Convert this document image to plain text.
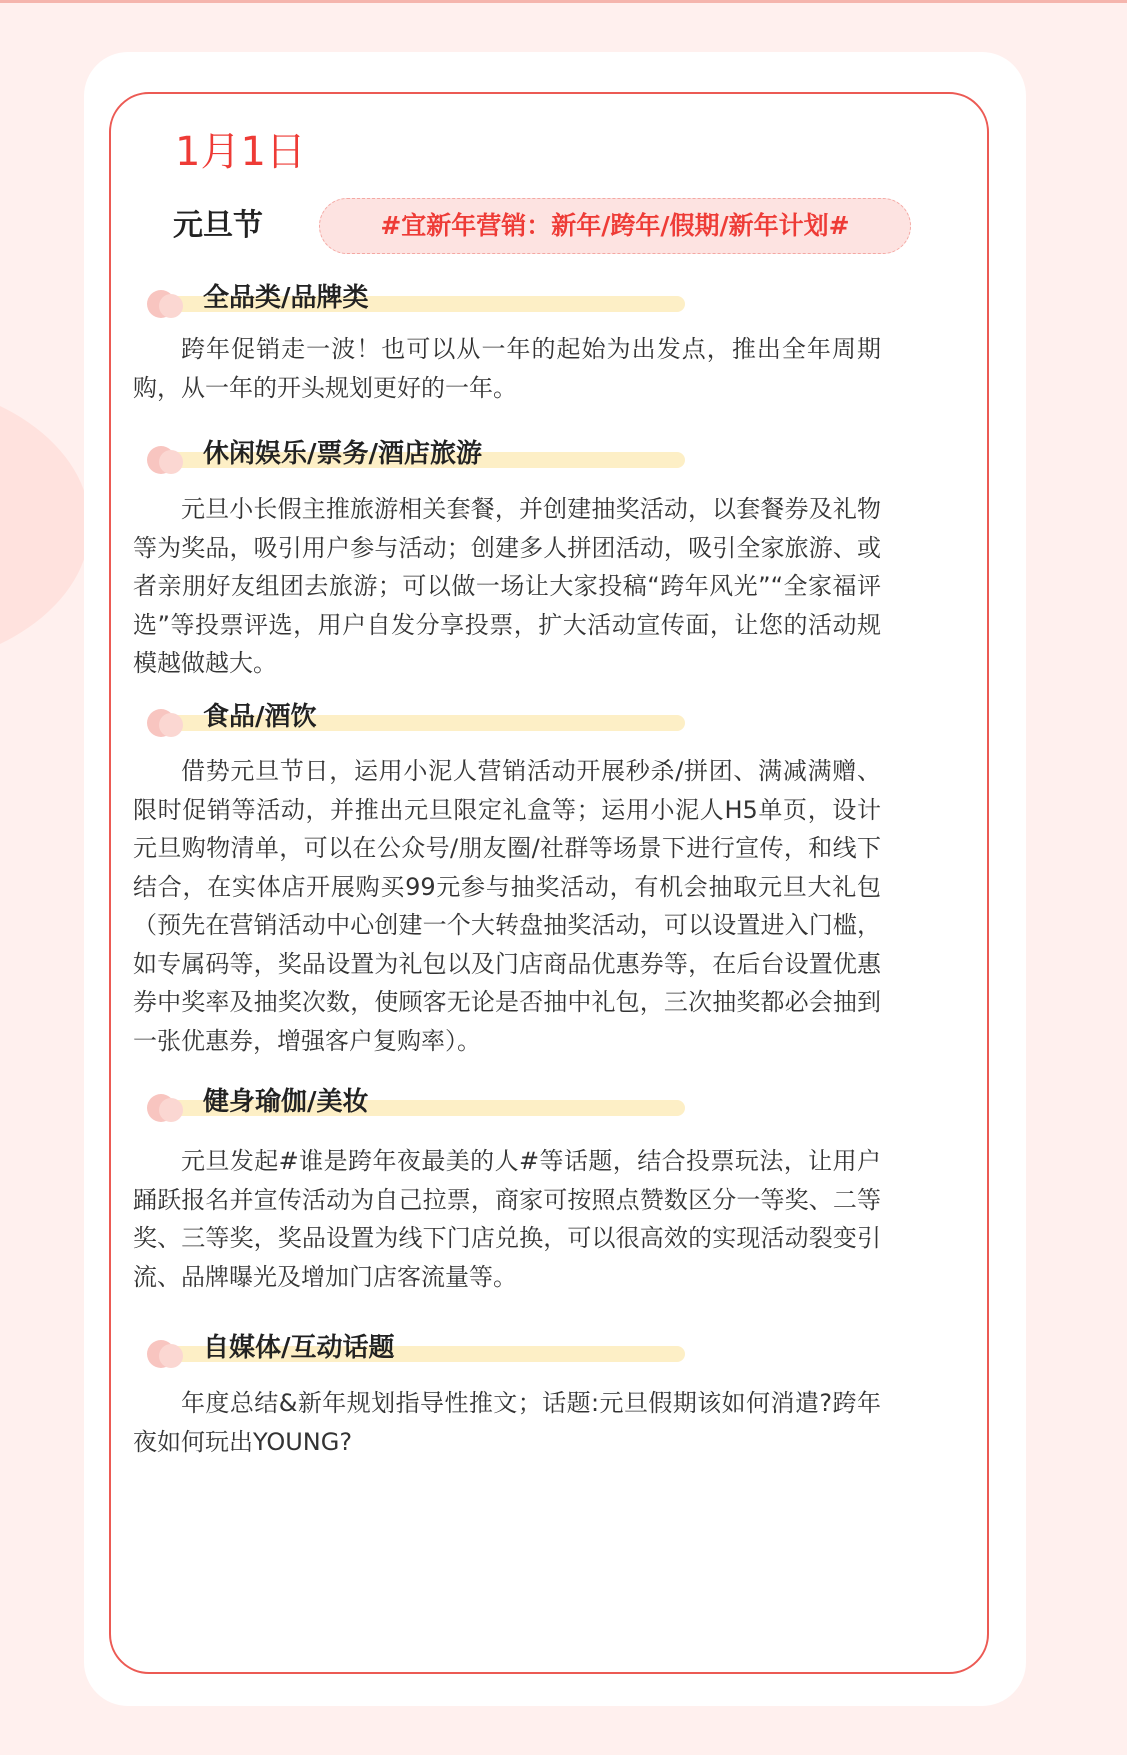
1月1日
元旦节	#宜新年营销：新年/跨年/假期/新年计划#
全品类/品牌类

跨年促销走一波！也可以从一年的起始为出发点，推出全年周期购，从一年的开头规划更好的一年。

休闲娱乐/票务/酒店旅游

元旦小长假主推旅游相关套餐，并创建抽奖活动，以套餐券及礼物等为奖品，吸引用户参与活动；创建多人拼团活动，吸引全家旅游、或者亲朋好友组团去旅游；可以做一场让大家投稿“跨年风光”“全家福评选”等投票评选，用户自发分享投票，扩大活动宣传面，让您的活动规模越做越大。

食品/酒饮

借势元旦节日，运用小泥人营销活动开展秒杀/拼团、满减满赠、限时促销等活动，并推出元旦限定礼盒等；运用小泥人H5单页，设计元旦购物清单，可以在公众号/朋友圈/社群等场景下进行宣传，和线下结合，在实体店开展购买99元参与抽奖活动，有机会抽取元旦大礼包（预先在营销活动中心创建一个大转盘抽奖活动，可以设置进入门槛，如专属码等，奖品设置为礼包以及门店商品优惠券等，在后台设置优惠券中奖率及抽奖次数，使顾客无论是否抽中礼包，三次抽奖都必会抽到一张优惠券，增强客户复购率）。

健身瑜伽/美妆

元旦发起#谁是跨年夜最美的人#等话题，结合投票玩法，让用户踊跃报名并宣传活动为自己拉票，商家可按照点赞数区分一等奖、二等奖、三等奖，奖品设置为线下门店兑换，可以很高效的实现活动裂变引流、品牌曝光及增加门店客流量等。

自媒体/互动话题

年度总结&新年规划指导性推文；话题:元旦假期该如何消遣?跨年夜如何玩出YOUNG?
